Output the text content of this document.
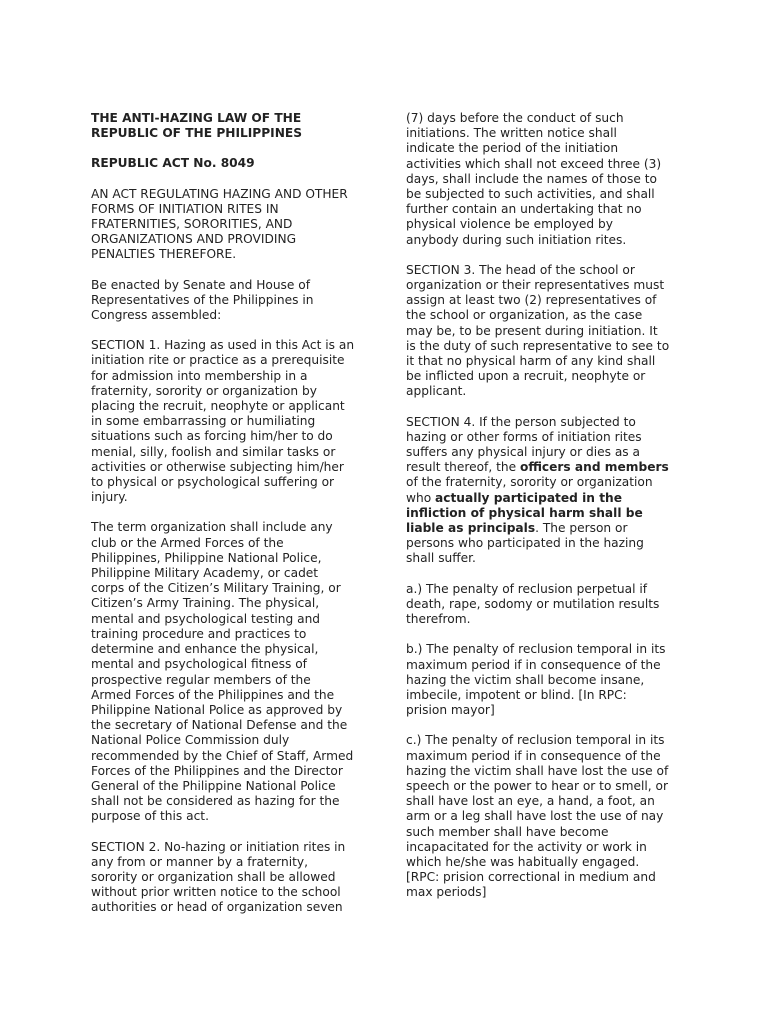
THE ANTI-HAZING LAW OF THE
REPUBLIC OF THE PHILIPPINES

REPUBLIC ACT No. 8049

AN ACT REGULATING HAZING AND OTHER
FORMS OF INITIATION RITES IN
FRATERNITIES, SORORITIES, AND
ORGANIZATIONS AND PROVIDING
PENALTIES THEREFORE.

Be enacted by Senate and House of
Representatives of the Philippines in
Congress assembled:

SECTION 1. Hazing as used in this Act is an
initiation rite or practice as a prerequisite
for admission into membership in a
fraternity, sorority or organization by
placing the recruit, neophyte or applicant
in some embarrassing or humiliating
situations such as forcing him/her to do
menial, silly, foolish and similar tasks or
activities or otherwise subjecting him/her
to physical or psychological suffering or
injury.

The term organization shall include any
club or the Armed Forces of the
Philippines, Philippine National Police,
Philippine Military Academy, or cadet
corps of the Citizen’s Military Training, or
Citizen’s Army Training. The physical,
mental and psychological testing and
training procedure and practices to
determine and enhance the physical,
mental and psychological fitness of
prospective regular members of the
Armed Forces of the Philippines and the
Philippine National Police as approved by
the secretary of National Defense and the
National Police Commission duly
recommended by the Chief of Staff, Armed
Forces of the Philippines and the Director
General of the Philippine National Police
shall not be considered as hazing for the
purpose of this act.

SECTION 2. No-hazing or initiation rites in
any from or manner by a fraternity,
sorority or organization shall be allowed
without prior written notice to the school
authorities or head of organization seven

(7) days before the conduct of such
initiations. The written notice shall
indicate the period of the initiation
activities which shall not exceed three (3)
days, shall include the names of those to
be subjected to such activities, and shall
further contain an undertaking that no
physical violence be employed by
anybody during such initiation rites.

SECTION 3. The head of the school or
organization or their representatives must
assign at least two (2) representatives of
the school or organization, as the case
may be, to be present during initiation. It
is the duty of such representative to see to
it that no physical harm of any kind shall
be inflicted upon a recruit, neophyte or
applicant.

SECTION 4. If the person subjected to
hazing or other forms of initiation rites
suffers any physical injury or dies as a
result thereof, the officers and members
of the fraternity, sorority or organization
who actually participated in the
infliction of physical harm shall be
liable as principals. The person or
persons who participated in the hazing
shall suffer.

a.) The penalty of reclusion perpetual if
death, rape, sodomy or mutilation results
therefrom.

b.) The penalty of reclusion temporal in its
maximum period if in consequence of the
hazing the victim shall become insane,
imbecile, impotent or blind. [In RPC:
prision mayor]

c.) The penalty of reclusion temporal in its
maximum period if in consequence of the
hazing the victim shall have lost the use of
speech or the power to hear or to smell, or
shall have lost an eye, a hand, a foot, an
arm or a leg shall have lost the use of nay
such member shall have become
incapacitated for the activity or work in
which he/she was habitually engaged.
[RPC: prision correctional in medium and
max periods]
